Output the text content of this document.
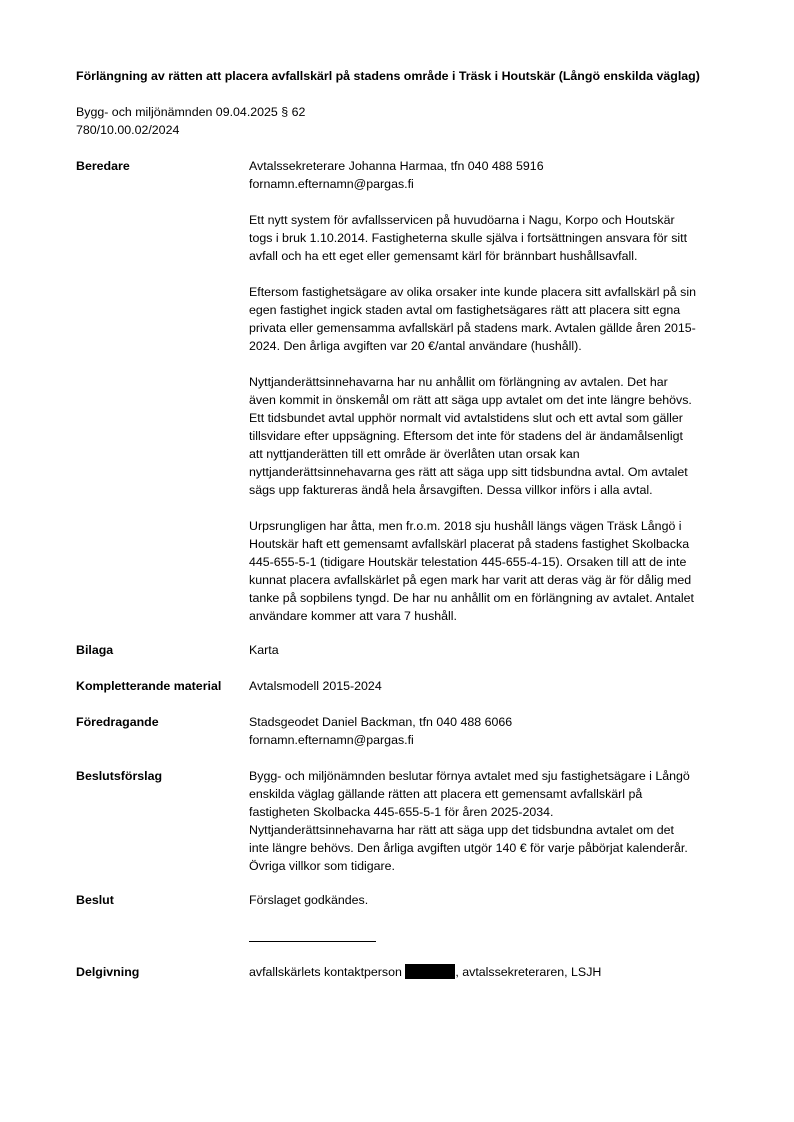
Förlängning av rätten att placera avfallskärl på stadens område i Träsk i Houtskär (Långö enskilda väglag)
Bygg- och miljönämnden 09.04.2025 § 62
780/10.00.02/2024
Beredare	Avtalssekreterare Johanna Harmaa, tfn 040 488 5916
fornamn.efternamn@pargas.fi

Ett nytt system för avfallsservicen på huvudöarna i Nagu, Korpo och Houtskär
togs i bruk 1.10.2014. Fastigheterna skulle själva i fortsättningen ansvara för sitt
avfall och ha ett eget eller gemensamt kärl för brännbart hushållsavfall.

Eftersom fastighetsägare av olika orsaker inte kunde placera sitt avfallskärl på sin
egen fastighet ingick staden avtal om fastighetsägares rätt att placera sitt egna
privata eller gemensamma avfallskärl på stadens mark. Avtalen gällde åren 2015-
2024. Den årliga avgiften var 20 €/antal användare (hushåll).

Nyttjanderättsinnehavarna har nu anhållit om förlängning av avtalen. Det har
även kommit in önskemål om rätt att säga upp avtalet om det inte längre behövs.
Ett tidsbundet avtal upphör normalt vid avtalstidens slut och ett avtal som gäller
tillsvidare efter uppsägning. Eftersom det inte för stadens del är ändamålsenligt
att nyttjanderätten till ett område är överlåten utan orsak kan
nyttjanderättsinnehavarna ges rätt att säga upp sitt tidsbundna avtal. Om avtalet
sägs upp faktureras ändå hela årsavgiften. Dessa villkor införs i alla avtal.

Urpsrungligen har åtta, men fr.o.m. 2018 sju hushåll längs vägen Träsk Långö i
Houtskär haft ett gemensamt avfallskärl placerat på stadens fastighet Skolbacka
445-655-5-1 (tidigare Houtskär telestation 445-655-4-15). Orsaken till att de inte
kunnat placera avfallskärlet på egen mark har varit att deras väg är för dålig med
tanke på sopbilens tyngd. De har nu anhållit om en förlängning av avtalet. Antalet
användare kommer att vara 7 hushåll.

Bilaga	Karta
Kompletterande material	Avtalsmodell 2015-2024
Föredragande	Stadsgeodet Daniel Backman, tfn 040 488 6066
fornamn.efternamn@pargas.fi
Beslutsförslag	Bygg- och miljönämnden beslutar förnya avtalet med sju fastighetsägare i Långö
enskilda väglag gällande rätten att placera ett gemensamt avfallskärl på
fastigheten Skolbacka 445-655-5-1 för åren 2025-2034.
Nyttjanderättsinnehavarna har rätt att säga upp det tidsbundna avtalet om det
inte längre behövs. Den årliga avgiften utgör 140 € för varje påbörjat kalenderår.
Övriga villkor som tidigare.
Beslut	Förslaget godkändes.
Delgivning	avfallskärlets kontaktperson	, avtalssekreteraren, LSJH
